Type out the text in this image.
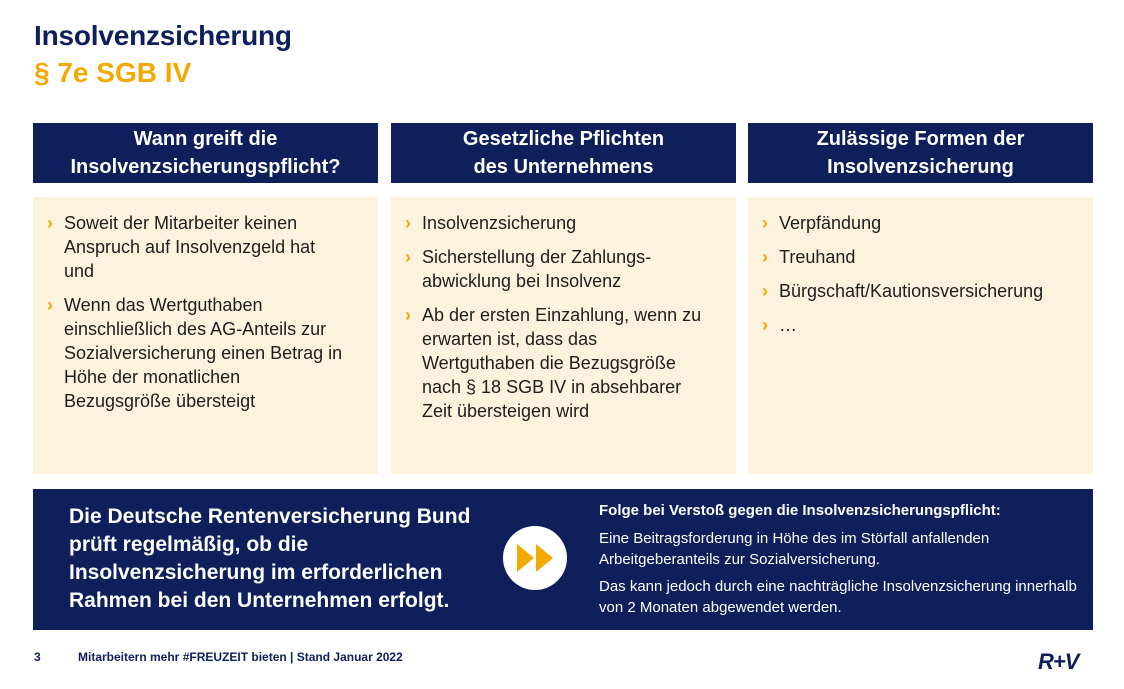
Insolvenzsicherung
§ 7e SGB IV
Wann greift die
Insolvenzsicherungspflicht?
› Soweit der Mitarbeiter keinen Anspruch auf Insolvenzgeld hat und
› Wenn das Wertguthaben einschließlich des AG-Anteils zur Sozialversicherung einen Betrag in Höhe der monatlichen Bezugsgröße übersteigt
Gesetzliche Pflichten
des Unternehmens
› Insolvenzsicherung
› Sicherstellung der Zahlungs-abwicklung bei Insolvenz
› Ab der ersten Einzahlung, wenn zu erwarten ist, dass das Wertguthaben die Bezugsgröße nach § 18 SGB IV in absehbarer Zeit übersteigen wird
Zulässige Formen der
Insolvenzsicherung
› Verpfändung
› Treuhand
› Bürgschaft/Kautionsversicherung
› …
Die Deutsche Rentenversicherung Bund prüft regelmäßig, ob die Insolvenzsicherung im erforderlichen Rahmen bei den Unternehmen erfolgt.
Folge bei Verstoß gegen die Insolvenzsicherungspflicht:
Eine Beitragsforderung in Höhe des im Störfall anfallenden Arbeitgeberanteils zur Sozialversicherung.
Das kann jedoch durch eine nachträgliche Insolvenzsicherung innerhalb von 2 Monaten abgewendet werden.
3	Mitarbeitern mehr #FREUZEIT bieten | Stand Januar 2022	R+V
